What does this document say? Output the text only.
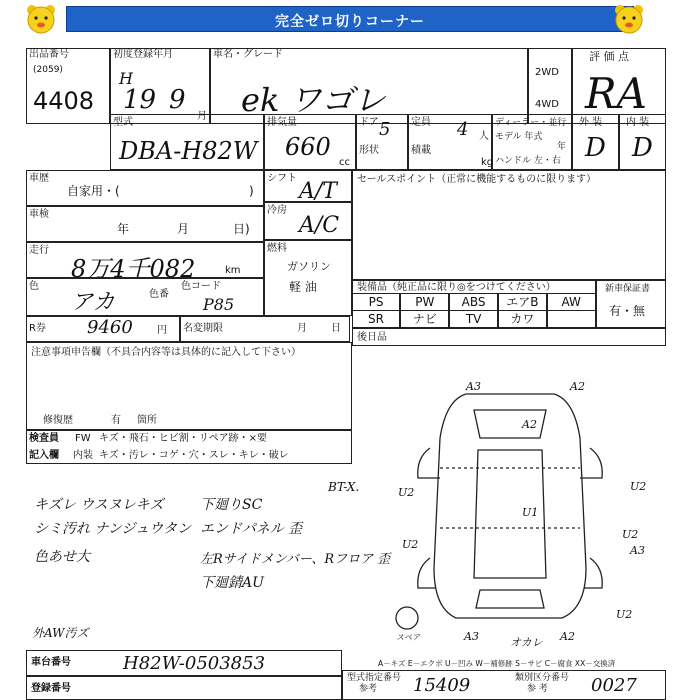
完全ゼロ切りコーナー
出品番号
(2059)
4408
初度登録年月
H
19 9
月
車名・グレード
ek ワゴレ
2WD
4WD
評 価 点
RA
型式
DBA-H82W
排気量
660
cc
ドア 5
形状
定員 4 人
積載
kg
ディーラー・並行
モデル 年式
年
ハンドル 左・右
外 装
D
内 装
D
車歴
自家用・(	)
車検
年	月	日)
走行
8万4千082	km
色
アカ	色番
色コード
P85
R券 9460 円 名変期限	月 日
シフト
A/T
冷房
A/C
燃料
ガソリン
軽 油
セールスポイント（正常に機能するものに限ります）
装備品（純正品に限り◎をつけてください）
PS	PW	ABS	エアB	AW
SR	ナビ	TV	カワ
新車保証書
有・無
後日品
注意事項申告欄（不具合内容等は具体的に記入して下さい）
修復歴	有 箇所
検査員
記入欄
FW キズ・飛石・ヒビ割・リペア跡・×要
内装 キズ・汚レ・コゲ・穴・スレ・キレ・破レ
BT-X.
キズレ ウスヌレキズ	下廻りSC
シミ汚れ ナンジュウタン エンドパネル 歪
色あせ大	左Rサイドメンバー、Rフロア 歪
下廻錆AU
外AW汚ズ
A3	A2
A2
U2
U1
U2
U2
U2
A3
U2
スペア	A3	オカレ A2
A－キズ E－エクボ U－凹み W－補修跡 S－サビ C－腐食 XX－交換済
車台番号	H82W-0503853
登録番号
型式指定番号
参考 15409	類別区分番号
参 考 0027
